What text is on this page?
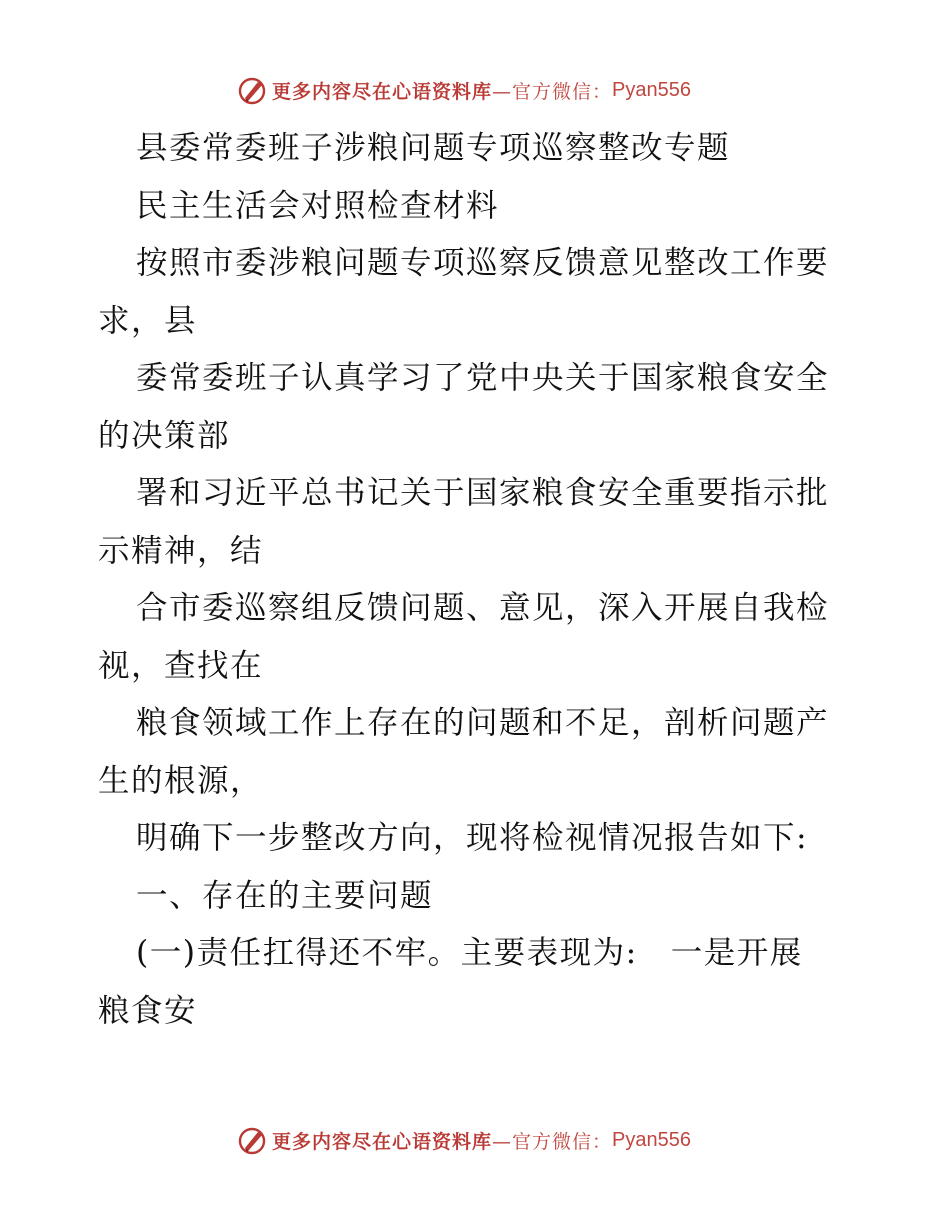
更多内容尽在心语资料库 —官方微信： Pyan556
县委常委班子涉粮问题专项巡察整改专题
民主生活会对照检查材料
按照市委涉粮问题专项巡察反馈意见整改工作要
求，县
委常委班子认真学习了党中央关于国家粮食安全
的决策部
署和习近平总书记关于国家粮食安全重要指示批
示精神，结
合市委巡察组反馈问题、意见，深入开展自我检
视，查找在
粮食领域工作上存在的问题和不足，剖析问题产
生的根源，
明确下一步整改方向，现将检视情况报告如下:
一、存在的主要问题
(一)责任扛得还不牢。主要表现为:　一是开展
粮食安
更多内容尽在心语资料库 —官方微信： Pyan556
